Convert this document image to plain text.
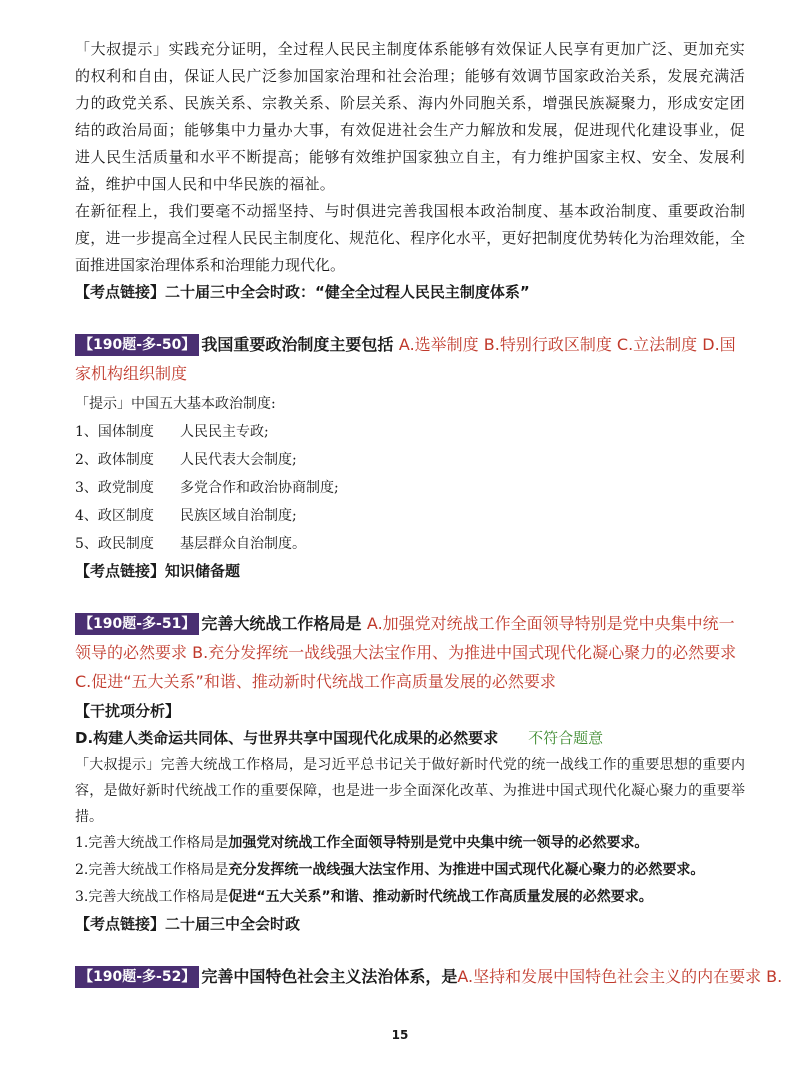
「大叔提示」实践充分证明，全过程人民民主制度体系能够有效保证人民享有更加广泛、更加充实的权利和自由，保证人民广泛参加国家治理和社会治理；能够有效调节国家政治关系，发展充满活力的政党关系、民族关系、宗教关系、阶层关系、海内外同胞关系，增强民族凝聚力，形成安定团结的政治局面；能够集中力量办大事，有效促进社会生产力解放和发展，促进现代化建设事业，促进人民生活质量和水平不断提高；能够有效维护国家独立自主，有力维护国家主权、安全、发展利益，维护中国人民和中华民族的福祉。

在新征程上，我们要毫不动摇坚持、与时俱进完善我国根本政治制度、基本政治制度、重要政治制度，进一步提高全过程人民民主制度化、规范化、程序化水平，更好把制度优势转化为治理效能，全面推进国家治理体系和治理能力现代化。

【考点链接】二十届三中全会时政：“健全全过程人民民主制度体系”

【190题-多-50】 我国重要政治制度主要包括 A.选举制度 B.特别行政区制度 C.立法制度 D.国家机构组织制度

「提示」中国五大基本政治制度:

1、国体制度 人民民主专政;

2、政体制度 人民代表大会制度;

3、政党制度 多党合作和政治协商制度;

4、政区制度 民族区域自治制度;

5、政民制度 基层群众自治制度。

【考点链接】知识储备题

【190题-多-51】 完善大统战工作格局是 A.加强党对统战工作全面领导特别是党中央集中统一领导的必然要求 B.充分发挥统一战线强大法宝作用、为推进中国式现代化凝心聚力的必然要求 C.促进“五大关系”和谐、推动新时代统战工作高质量发展的必然要求

【干扰项分析】

D.构建人类命运共同体、与世界共享中国现代化成果的必然要求 不符合题意

「大叔提示」完善大统战工作格局，是习近平总书记关于做好新时代党的统一战线工作的重要思想的重要内容，是做好新时代统战工作的重要保障，也是进一步全面深化改革、为推进中国式现代化凝心聚力的重要举措。

1.完善大统战工作格局是加强党对统战工作全面领导特别是党中央集中统一领导的必然要求。

2.完善大统战工作格局是充分发挥统一战线强大法宝作用、为推进中国式现代化凝心聚力的必然要求。

3.完善大统战工作格局是促进“五大关系”和谐、推动新时代统战工作高质量发展的必然要求。

【考点链接】二十届三中全会时政

【190题-多-52】 完善中国特色社会主义法治体系，是A.坚持和发展中国特色社会主义的内在要求 B.

15
